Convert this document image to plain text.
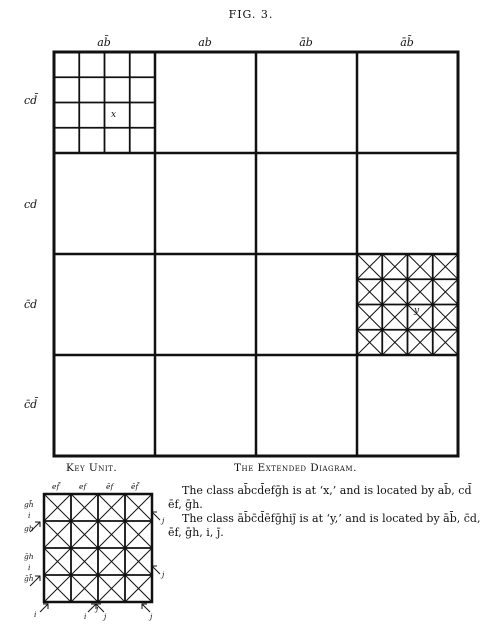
FIG. 3.
ab̄	ab	āb	āb̄
cd̄
cd
c̄d
c̄d̄
x
y
Key Unit.
ef̄	ef	ēf ēf̄
gh̄
gh
ḡh
ḡh̄
i
i
j
j
j
i	i j
j
The Extended Diagram.
The class ab̄cd̄efḡh is at ‘x,’ and is located by ab̄, cd̄
ēf, ḡh.
The class āb̄c̄d̄ēfḡhij̄ is at ‘y,’ and is located by āb̄, c̄d,
ēf, ḡh, i, j̄.
